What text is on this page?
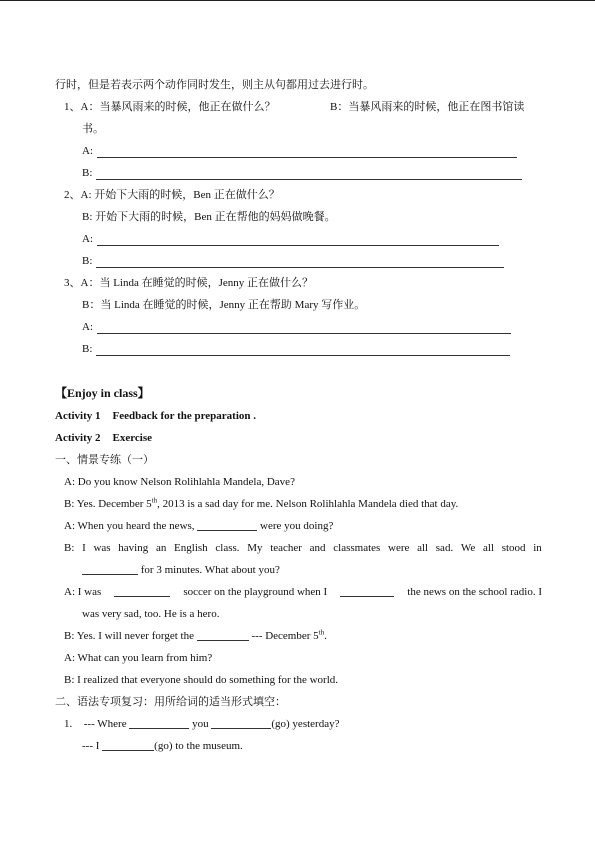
行时，但是若表示两个动作同时发生，则主从句都用过去进行时。
1、A：当暴风雨来的时候，他正在做什么？	B：当暴风雨来的时候，他正在图书馆读
书。
A:
B:
2、A: 开始下大雨的时候，Ben 正在做什么？
B: 开始下大雨的时候，Ben 正在帮他的妈妈做晚餐。
A:
B:
3、A：当 Linda 在睡觉的时候，Jenny 正在做什么？
B：当 Linda 在睡觉的时候，Jenny 正在帮助 Mary 写作业。
A:
B:
【Enjoy in class】
Activity 1 Feedback for the preparation .
Activity 2 Exercise
一、情景专练（一）
A: Do you know Nelson Rolihlahla Mandela, Dave?
B: Yes. December 5th, 2013 is a sad day for me. Nelson Rolihlahla Mandela died that day.
A: When you heard the news,	were you doing?
B: I was having an English class. My teacher and classmates were all sad. We all stood in
for 3 minutes. What about you?
A: I was	soccer on the playground when I	the news on the school radio. I
was very sad, too. He is a hero.
B: Yes. I will never forget the	--- December 5th.
A: What can you learn from him?
B: I realized that everyone should do something for the world.
二、语法专项复习：用所给词的适当形式填空：
1. --- Where	you	(go) yesterday?
--- I	(go) to the museum.
